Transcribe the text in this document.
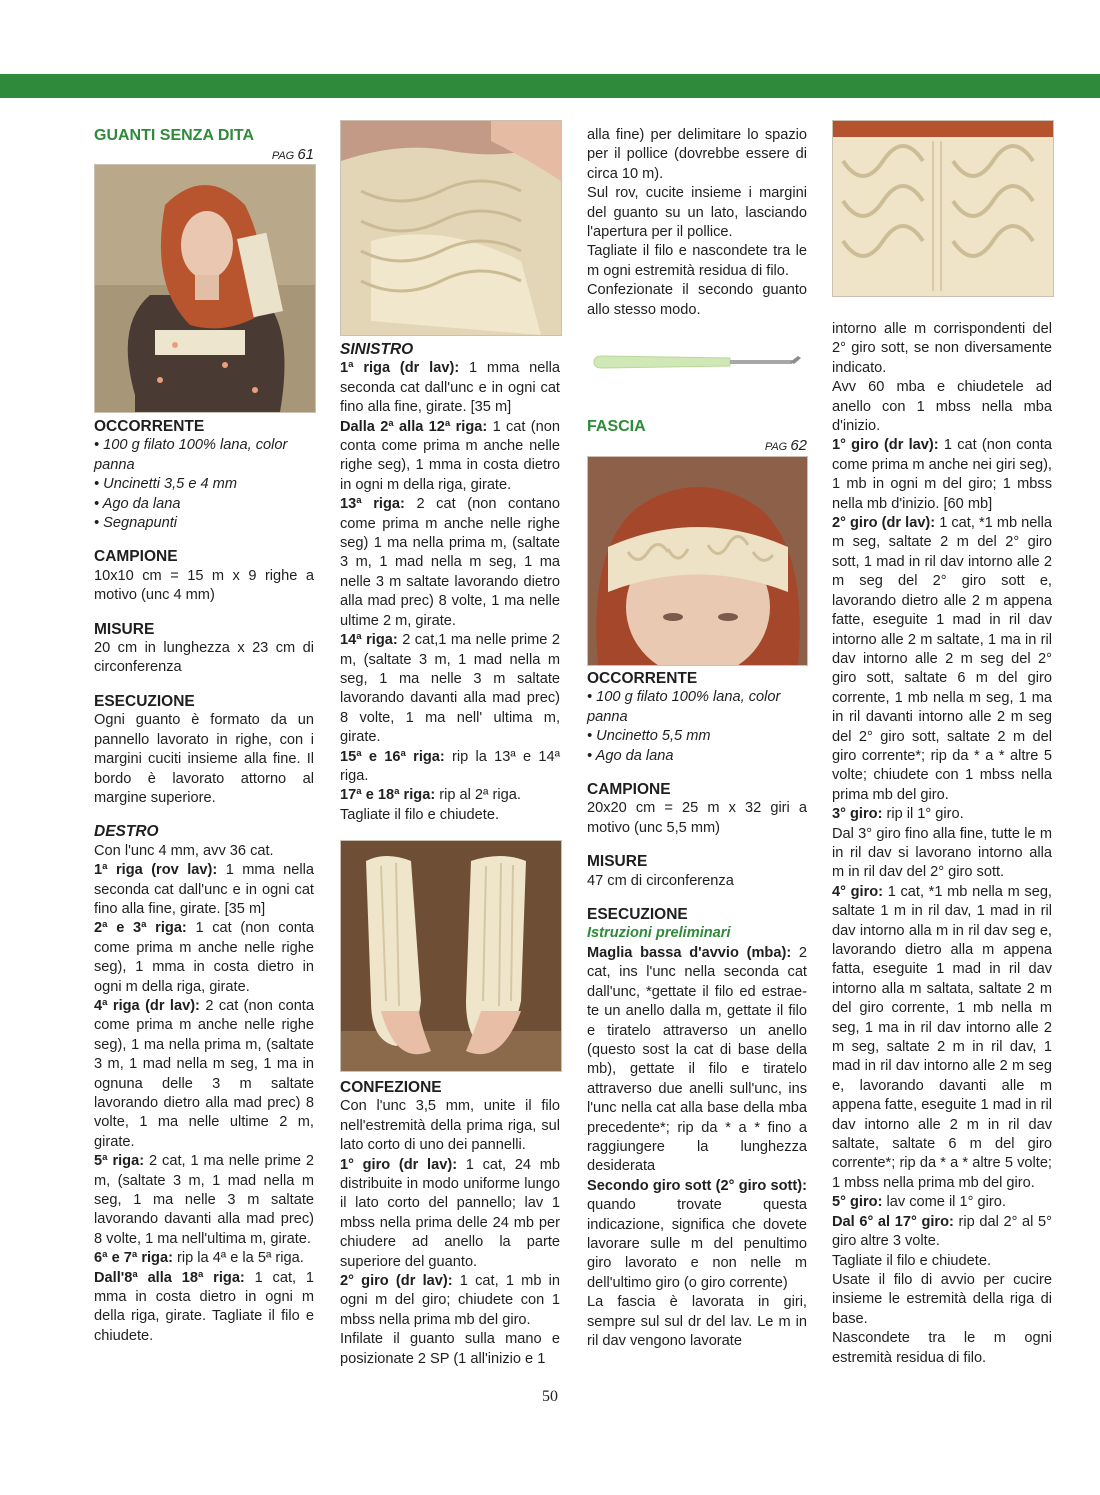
GUANTI SENZA DITA

PAG 61

OCCORRENTE

• 100 g filato 100% lana, color panna

• Uncinetti 3,5 e 4 mm

• Ago da lana

• Segnapunti

CAMPIONE

10x10 cm = 15 m x 9 righe a motivo (unc 4 mm)

MISURE

20 cm in lunghezza x 23 cm di circonferenza

ESECUZIONE

Ogni guanto è formato da un pannello lavorato in righe, con i margini cuciti insieme alla fine. Il bordo è lavorato attorno al margine superiore.

DESTRO

Con l'unc 4 mm, avv 36 cat.

1ª riga (rov lav): 1 mma nella seconda cat dall'unc e in ogni cat fino alla fine, girate. [35 m]

2ª e 3ª riga: 1 cat (non conta come prima m anche nelle righe seg), 1 mma in costa dietro in ogni m della riga, girate.

4ª riga (dr lav): 2 cat (non conta come prima m anche nelle righe seg), 1 ma nella prima m, (saltate 3 m, 1 mad nella m seg, 1 ma in ognuna delle 3 m saltate lavorando dietro alla mad prec) 8 volte, 1 ma nelle ultime 2 m, girate.

5ª riga: 2 cat, 1 ma nelle prime 2 m, (saltate 3 m, 1 mad nella m seg, 1 ma nelle 3 m saltate lavorando davanti alla mad prec) 8 volte, 1 ma nell'ultima m, girate.

6ª e 7ª riga: rip la 4ª e la 5ª riga.

Dall'8ª alla 18ª riga: 1 cat, 1 mma in costa dietro in ogni m della riga, girate. Tagliate il filo e chiudete.

SINISTRO

1ª riga (dr lav): 1 mma nella seconda cat dall'unc e in ogni cat fino alla fine, girate. [35 m]

Dalla 2ª alla 12ª riga: 1 cat (non conta come prima m anche nelle righe seg), 1 mma in costa dietro in ogni m della riga, girate.

13ª riga: 2 cat (non contano come prima m anche nelle righe seg) 1 ma nella prima m, (saltate 3 m, 1 mad nella m seg, 1 ma nelle 3 m saltate lavorando dietro alla mad prec) 8 volte, 1 ma nelle ultime 2 m, girate.

14ª riga: 2 cat,1 ma nelle prime 2 m, (saltate 3 m, 1 mad nella m seg, 1 ma nelle 3 m saltate lavorando davanti alla mad prec) 8 volte, 1 ma nell' ultima m, girate.

15ª e 16ª riga: rip la 13ª e 14ª riga.

17ª e 18ª riga: rip al 2ª riga.

Tagliate il filo e chiudete.

CONFEZIONE

Con l'unc 3,5 mm, unite il filo nell'estremità della prima riga, sul lato corto di uno dei pannelli.

1° giro (dr lav): 1 cat, 24 mb distribuite in modo uniforme lungo il lato corto del pannello; lav 1 mbss nella prima delle 24 mb per chiudere ad anello la parte superiore del guanto.

2° giro (dr lav): 1 cat, 1 mb in ogni m del giro; chiudete con 1 mbss nella prima mb del giro.

Infilate il guanto sulla mano e posizionate 2 SP (1 all'inizio e 1

alla fine) per delimitare lo spazio per il pollice (dovrebbe essere di circa 10 m).

Sul rov, cucite insieme i margini del guanto su un lato, lasciando l'apertura per il pollice.

Tagliate il filo e nascondete tra le m ogni estremità residua di filo.

Confezionate il secondo guanto allo stesso modo.

FASCIA

PAG 62

OCCORRENTE

• 100 g filato 100% lana, color panna

• Uncinetto 5,5 mm

• Ago da lana

CAMPIONE

20x20 cm = 25 m x 32 giri a motivo (unc 5,5 mm)

MISURE

47 cm di circonferenza

ESECUZIONE

Istruzioni preliminari

Maglia bassa d'avvio (mba): 2 cat, ins l'unc nella seconda cat dall'unc, *gettate il filo ed estrae-te un anello dalla m, gettate il filo e tiratelo attraverso un anello (questo sost la cat di base della mb), gettate il filo e tiratelo attraverso due anelli sull'unc, ins l'unc nella cat alla base della mba precedente*; rip da * a * fino a raggiungere la lunghezza desiderata

Secondo giro sott (2° giro sott): quando trovate questa indicazione, significa che dovete lavorare sulle m del penultimo giro lavorato e non nelle m dell'ultimo giro (o giro corrente)

La fascia è lavorata in giri, sempre sul sul dr del lav. Le m in ril dav vengono lavorate

intorno alle m corrispondenti del 2° giro sott, se non diversamente indicato.

Avv 60 mba e chiudetele ad anello con 1 mbss nella mba d'inizio.

1° giro (dr lav): 1 cat (non conta come prima m anche nei giri seg), 1 mb in ogni m del giro; 1 mbss nella mb d'inizio. [60 mb]

2° giro (dr lav): 1 cat, *1 mb nella m seg, saltate 2 m del 2° giro sott, 1 mad in ril dav intorno alle 2 m seg del 2° giro sott e, lavorando dietro alle 2 m appena fatte, eseguite 1 mad in ril dav intorno alle 2 m saltate, 1 ma in ril dav intorno alle 2 m seg del 2° giro sott, saltate 6 m del giro corrente, 1 mb nella m seg, 1 ma in ril davanti intorno alle 2 m seg del 2° giro sott, saltate 2 m del giro corrente*; rip da * a * altre 5 volte; chiudete con 1 mbss nella prima mb del giro.

3° giro: rip il 1° giro.

Dal 3° giro fino alla fine, tutte le m in ril dav si lavorano intorno alla m in ril dav del 2° giro sott.

4° giro: 1 cat, *1 mb nella m seg, saltate 1 m in ril dav, 1 mad in ril dav intorno alla m in ril dav seg e, lavorando dietro alla m appena fatta, eseguite 1 mad in ril dav intorno alla m saltata, saltate 2 m del giro corrente, 1 mb nella m seg, 1 ma in ril dav intorno alle 2 m seg, saltate 2 m in ril dav, 1 mad in ril dav intorno alle 2 m seg e, lavorando davanti alle m appena fatte, eseguite 1 mad in ril dav intorno alle 2 m in ril dav saltate, saltate 6 m del giro corrente*; rip da * a * altre 5 volte; 1 mbss nella prima mb del giro.

5° giro: lav come il 1° giro.

Dal 6° al 17° giro: rip dal 2° al 5° giro altre 3 volte.

Tagliate il filo e chiudete.

Usate il filo di avvio per cucire insieme le estremità della riga di base.

Nascondete tra le m ogni estremità residua di filo.

50
